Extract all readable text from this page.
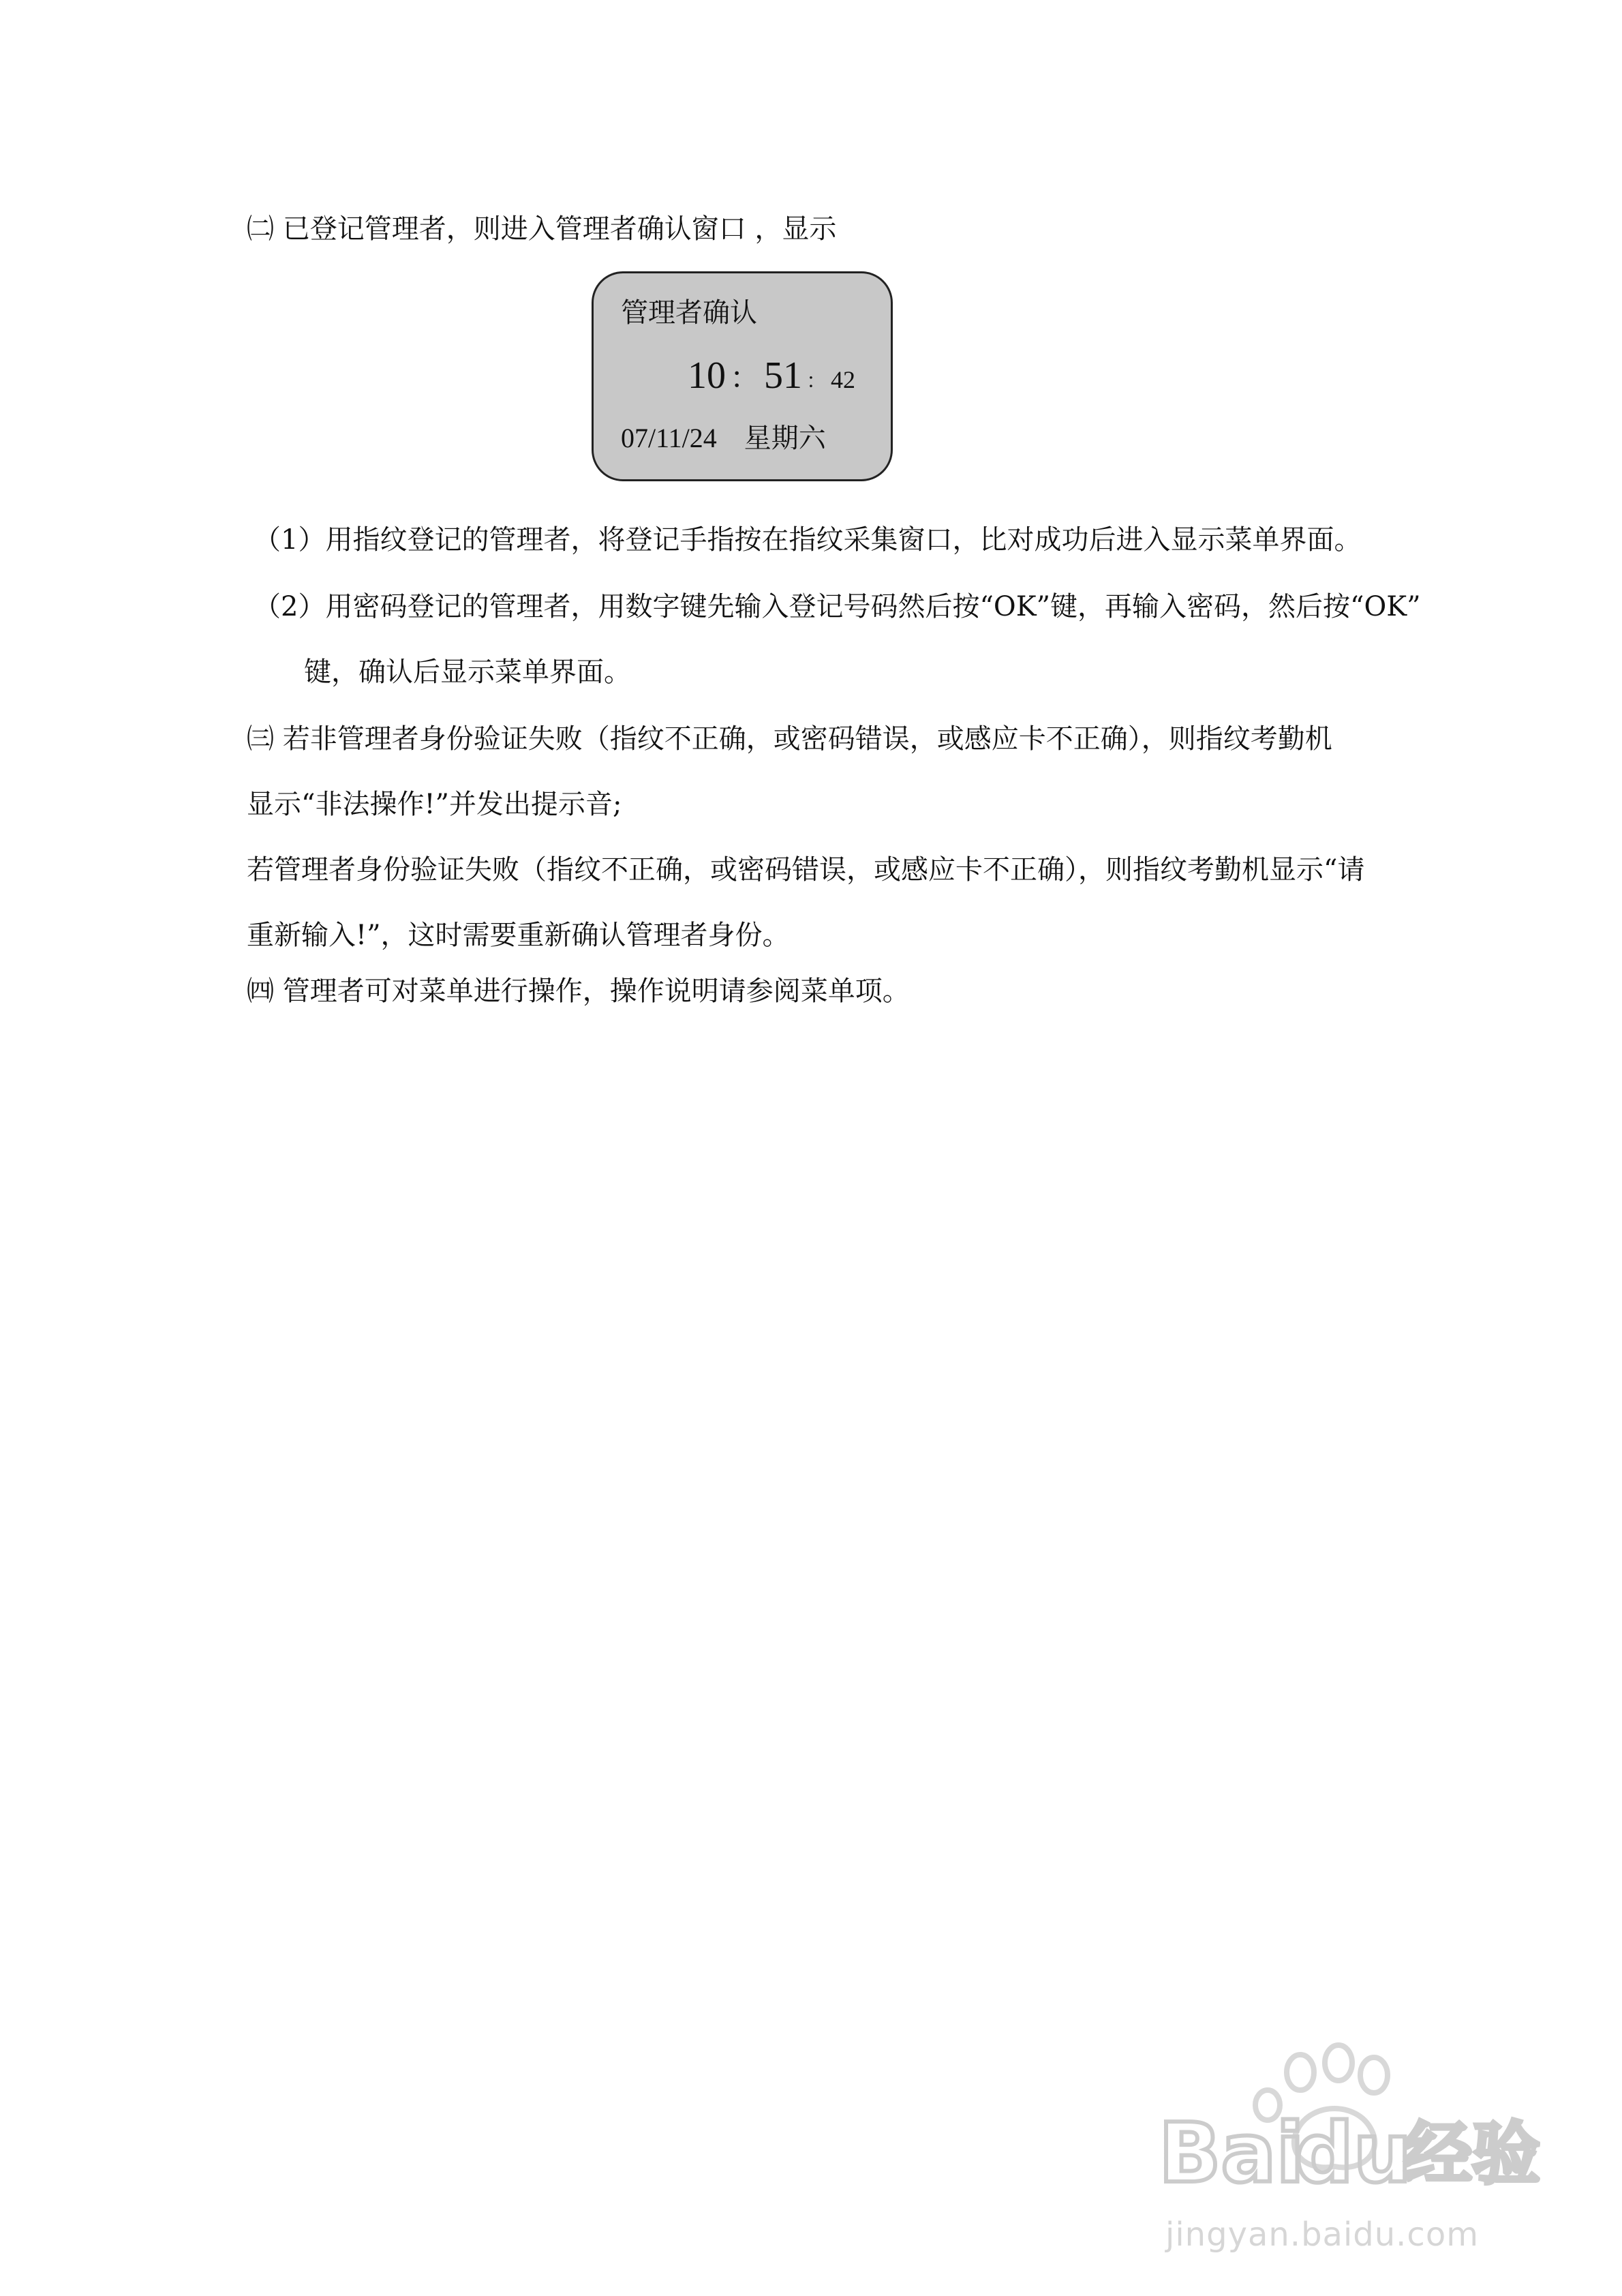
㈡ 已登记管理者，则进入管理者确认窗口 ，显示
管理者确认
10 ： 51 ： 42
07/11/24 星期六
（1）用指纹登记的管理者，将登记手指按在指纹采集窗口，比对成功后进入显示菜单界面。
（2）用密码登记的管理者，用数字键先输入登记号码然后按“OK”键，再输入密码，然后按“OK”
键，确认后显示菜单界面。
㈢ 若非管理者身份验证失败（指纹不正确，或密码错误，或感应卡不正确），则指纹考勤机
显示“非法操作!”并发出提示音;
若管理者身份验证失败（指纹不正确，或密码错误，或感应卡不正确），则指纹考勤机显示“请
重新输入!”，这时需要重新确认管理者身份。
㈣ 管理者可对菜单进行操作，操作说明请参阅菜单项。
Bai
du
经验
jingyan.baidu.com
